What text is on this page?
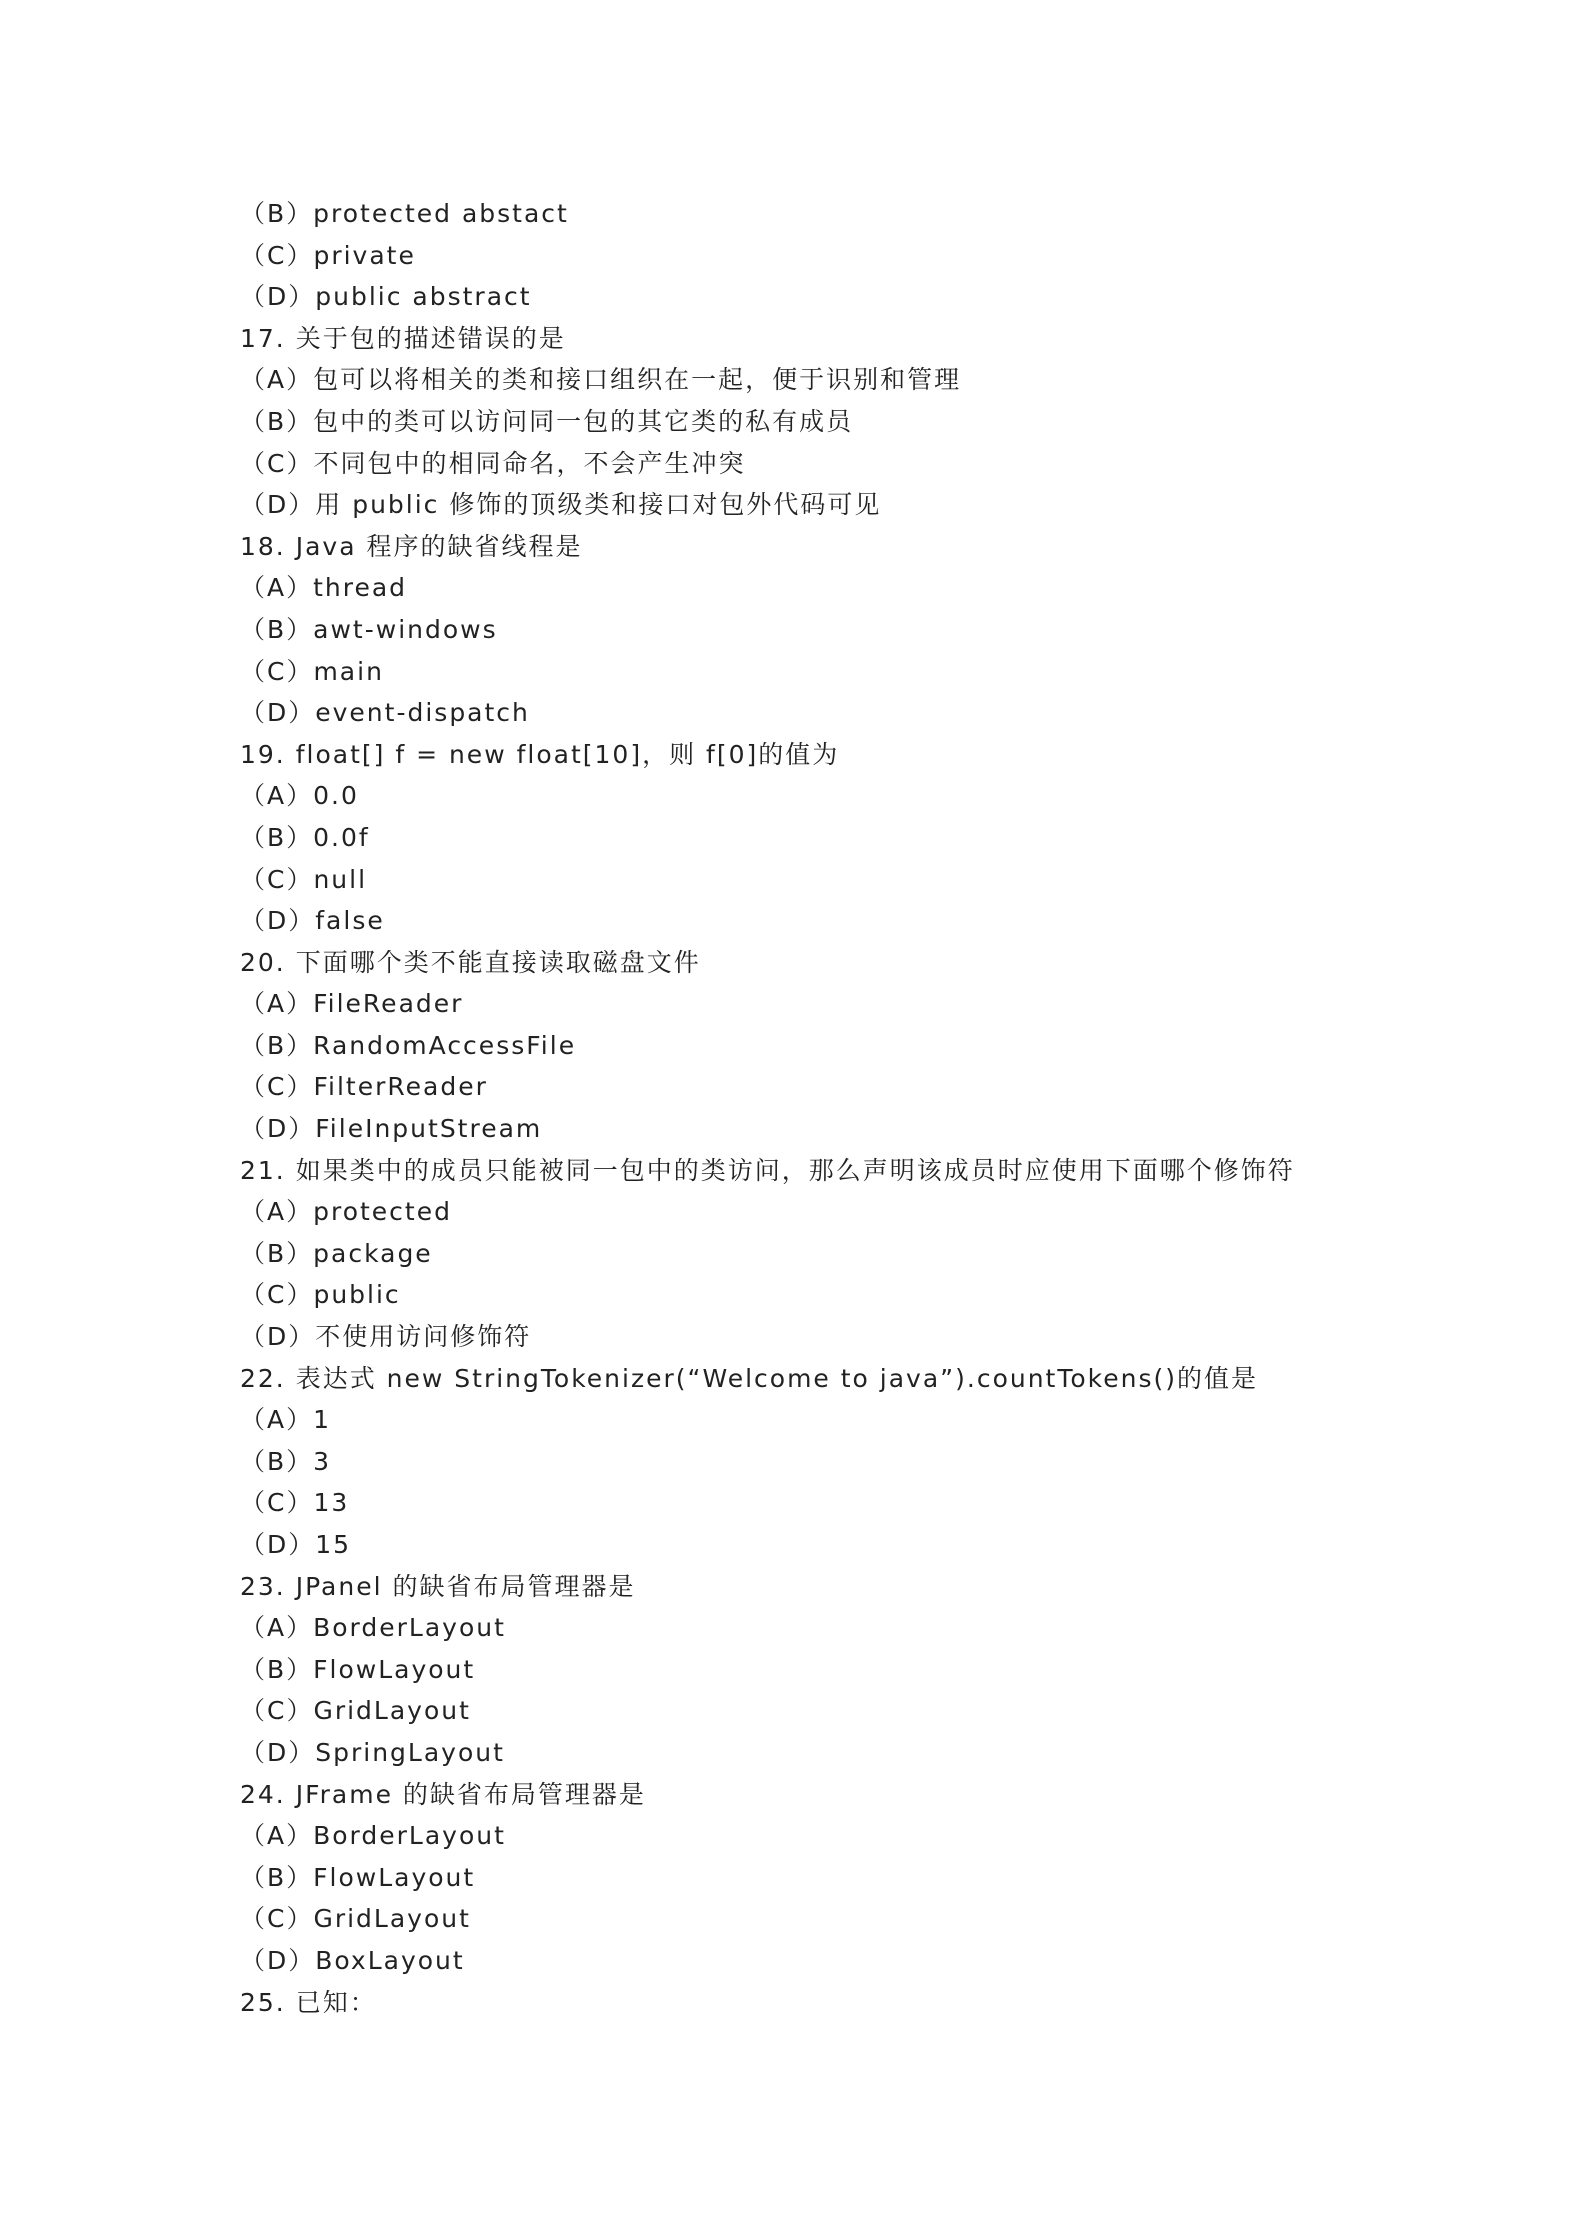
（B）protected abstact
（C）private
（D）public abstract
17. 关于包的描述错误的是
（A）包可以将相关的类和接口组织在一起，便于识别和管理
（B）包中的类可以访问同一包的其它类的私有成员
（C）不同包中的相同命名，不会产生冲突
（D）用 public 修饰的顶级类和接口对包外代码可见
18. Java 程序的缺省线程是
（A）thread
（B）awt-windows
（C）main
（D）event-dispatch
19. float[] f = new float[10]，则 f[0]的值为
（A）0.0
（B）0.0f
（C）null
（D）false
20. 下面哪个类不能直接读取磁盘文件
（A）FileReader
（B）RandomAccessFile
（C）FilterReader
（D）FileInputStream
21. 如果类中的成员只能被同一包中的类访问，那么声明该成员时应使用下面哪个修饰符
（A）protected
（B）package
（C）public
（D）不使用访问修饰符
22. 表达式 new StringTokenizer(“Welcome to java”).countTokens()的值是
（A）1
（B）3
（C）13
（D）15
23. JPanel 的缺省布局管理器是
（A）BorderLayout
（B）FlowLayout
（C）GridLayout
（D）SpringLayout
24. JFrame 的缺省布局管理器是
（A）BorderLayout
（B）FlowLayout
（C）GridLayout
（D）BoxLayout
25. 已知：
